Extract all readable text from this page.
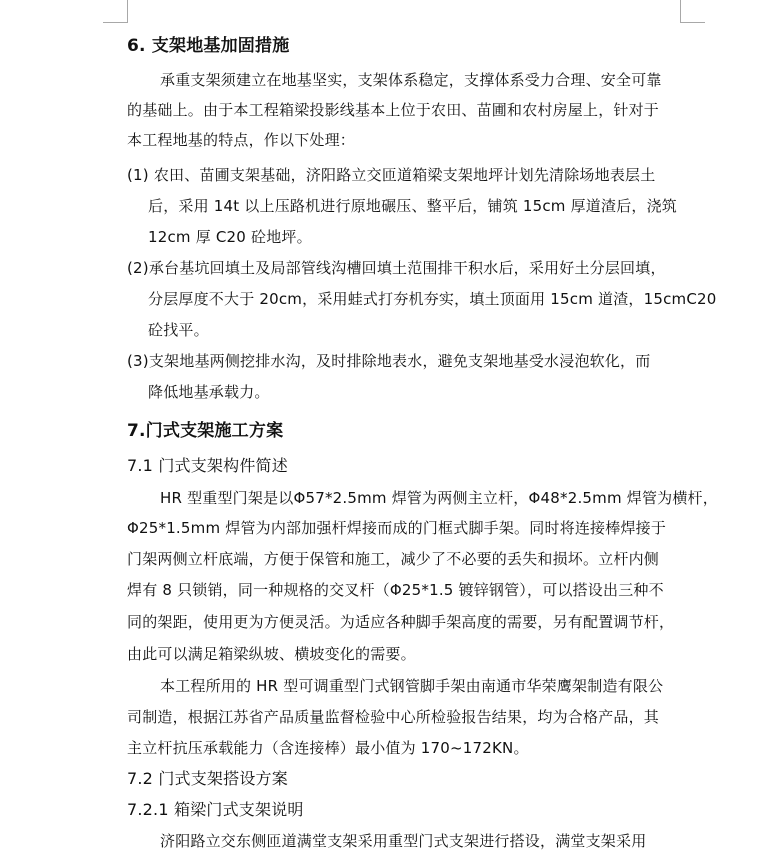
6. 支架地基加固措施
承重支架须建立在地基坚实，支架体系稳定，支撑体系受力合理、安全可靠
的基础上。由于本工程箱梁投影线基本上位于农田、苗圃和农村房屋上，针对于
本工程地基的特点，作以下处理：
(1) 农田、苗圃支架基础，济阳路立交匝道箱梁支架地坪计划先清除场地表层土
后，采用 14t 以上压路机进行原地碾压、整平后，铺筑 15cm 厚道渣后，浇筑
12cm 厚 C20 砼地坪。
(2)承台基坑回填土及局部管线沟槽回填土范围排干积水后，采用好土分层回填，
分层厚度不大于 20cm，采用蛙式打夯机夯实，填土顶面用 15cm 道渣，15cmC20
砼找平。
(3)支架地基两侧挖排水沟，及时排除地表水，避免支架地基受水浸泡软化，而
降低地基承载力。
7.门式支架施工方案
7.1 门式支架构件简述
HR 型重型门架是以Φ57*2.5mm 焊管为两侧主立杆，Φ48*2.5mm 焊管为横杆，
Φ25*1.5mm 焊管为内部加强杆焊接而成的门框式脚手架。同时将连接棒焊接于
门架两侧立杆底端，方便于保管和施工，减少了不必要的丢失和损坏。立杆内侧
焊有 8 只锁销，同一种规格的交叉杆（Φ25*1.5 镀锌钢管），可以搭设出三种不
同的架距，使用更为方便灵活。为适应各种脚手架高度的需要，另有配置调节杆，
由此可以满足箱梁纵坡、横坡变化的需要。
本工程所用的 HR 型可调重型门式钢管脚手架由南通市华荣鹰架制造有限公
司制造，根据江苏省产品质量监督检验中心所检验报告结果，均为合格产品，其
主立杆抗压承载能力（含连接棒）最小值为 170~172KN。
7.2 门式支架搭设方案
7.2.1 箱梁门式支架说明
济阳路立交东侧匝道满堂支架采用重型门式支架进行搭设，满堂支架采用
